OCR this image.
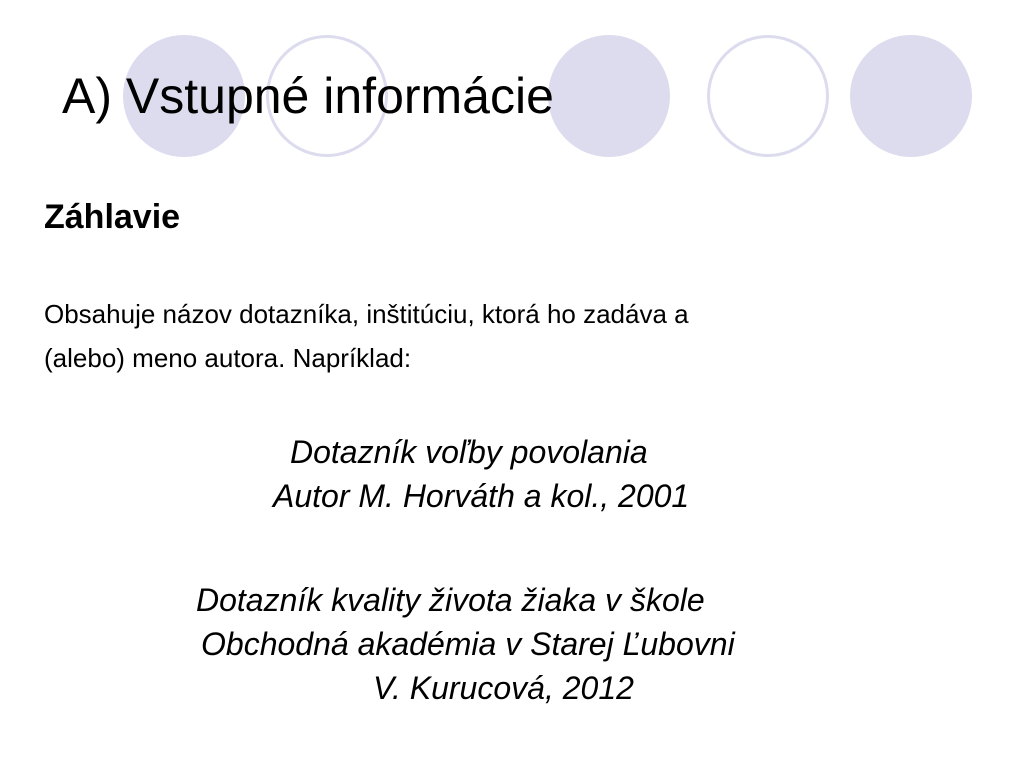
A) Vstupné informácie
Záhlavie

Obsahuje názov dotazníka, inštitúciu, ktorá ho zadáva a
(alebo) meno autora. Napríklad:

Dotazník voľby povolania
Autor M. Horváth a kol., 2001
Dotazník kvality života žiaka v škole
Obchodná akadémia v Starej Ľubovni
V. Kurucová, 2012
